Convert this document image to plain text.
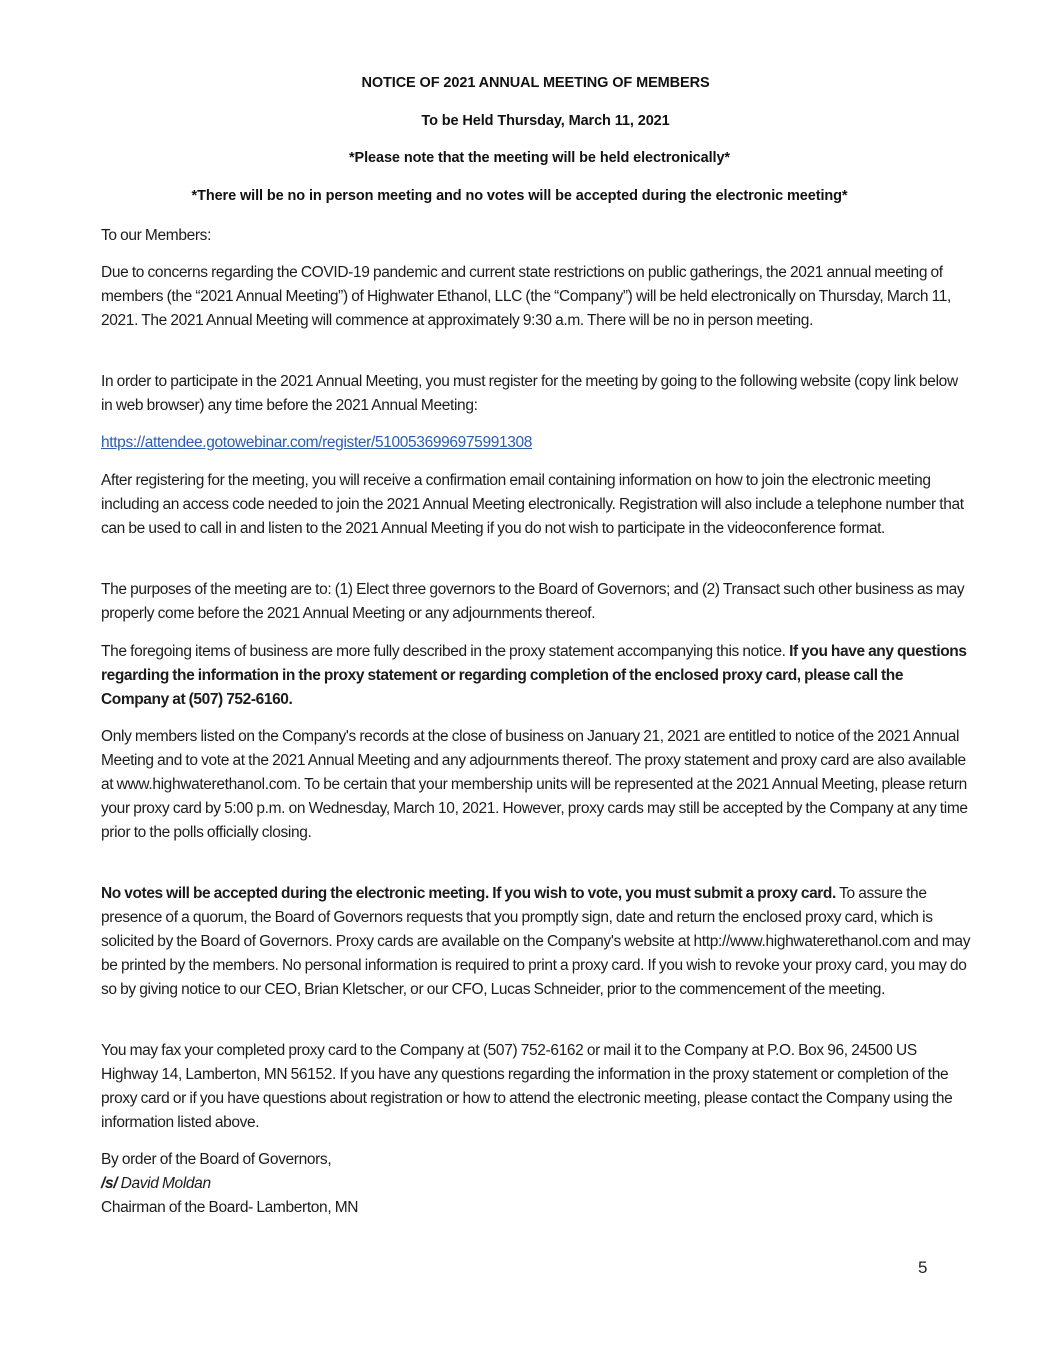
NOTICE OF 2021 ANNUAL MEETING OF MEMBERS
To be Held Thursday, March 11, 2021
*Please note that the meeting will be held electronically*
*There will be no in person meeting and no votes will be accepted during the electronic meeting*
To our Members:
Due to concerns regarding the COVID-19 pandemic and current state restrictions on public gatherings, the 2021 annual meeting of members (the “2021 Annual Meeting”) of Highwater Ethanol, LLC (the “Company”) will be held electronically on Thursday, March 11, 2021. The 2021 Annual Meeting will commence at approximately 9:30 a.m. There will be no in person meeting.
In order to participate in the 2021 Annual Meeting, you must register for the meeting by going to the following website (copy link below in web browser) any time before the 2021 Annual Meeting:
https://attendee.gotowebinar.com/register/5100536996975991308
After registering for the meeting, you will receive a confirmation email containing information on how to join the electronic meeting including an access code needed to join the 2021 Annual Meeting electronically. Registration will also include a telephone number that can be used to call in and listen to the 2021 Annual Meeting if you do not wish to participate in the videoconference format.
The purposes of the meeting are to: (1) Elect three governors to the Board of Governors; and (2) Transact such other business as may properly come before the 2021 Annual Meeting or any adjournments thereof.
The foregoing items of business are more fully described in the proxy statement accompanying this notice. If you have any questions regarding the information in the proxy statement or regarding completion of the enclosed proxy card, please call the Company at (507) 752-6160.
Only members listed on the Company's records at the close of business on January 21, 2021 are entitled to notice of the 2021 Annual Meeting and to vote at the 2021 Annual Meeting and any adjournments thereof. The proxy statement and proxy card are also available at www.highwaterethanol.com. To be certain that your membership units will be represented at the 2021 Annual Meeting, please return your proxy card by 5:00 p.m. on Wednesday, March 10, 2021. However, proxy cards may still be accepted by the Company at any time prior to the polls officially closing.
No votes will be accepted during the electronic meeting. If you wish to vote, you must submit a proxy card. To assure the presence of a quorum, the Board of Governors requests that you promptly sign, date and return the enclosed proxy card, which is solicited by the Board of Governors. Proxy cards are available on the Company's website at http://www.highwaterethanol.com and may be printed by the members. No personal information is required to print a proxy card. If you wish to revoke your proxy card, you may do so by giving notice to our CEO, Brian Kletscher, or our CFO, Lucas Schneider, prior to the commencement of the meeting.
You may fax your completed proxy card to the Company at (507) 752-6162 or mail it to the Company at P.O. Box 96, 24500 US Highway 14, Lamberton, MN 56152. If you have any questions regarding the information in the proxy statement or completion of the proxy card or if you have questions about registration or how to attend the electronic meeting, please contact the Company using the information listed above.
By order of the Board of Governors,
/s/ David Moldan
Chairman of the Board- Lamberton, MN
5
